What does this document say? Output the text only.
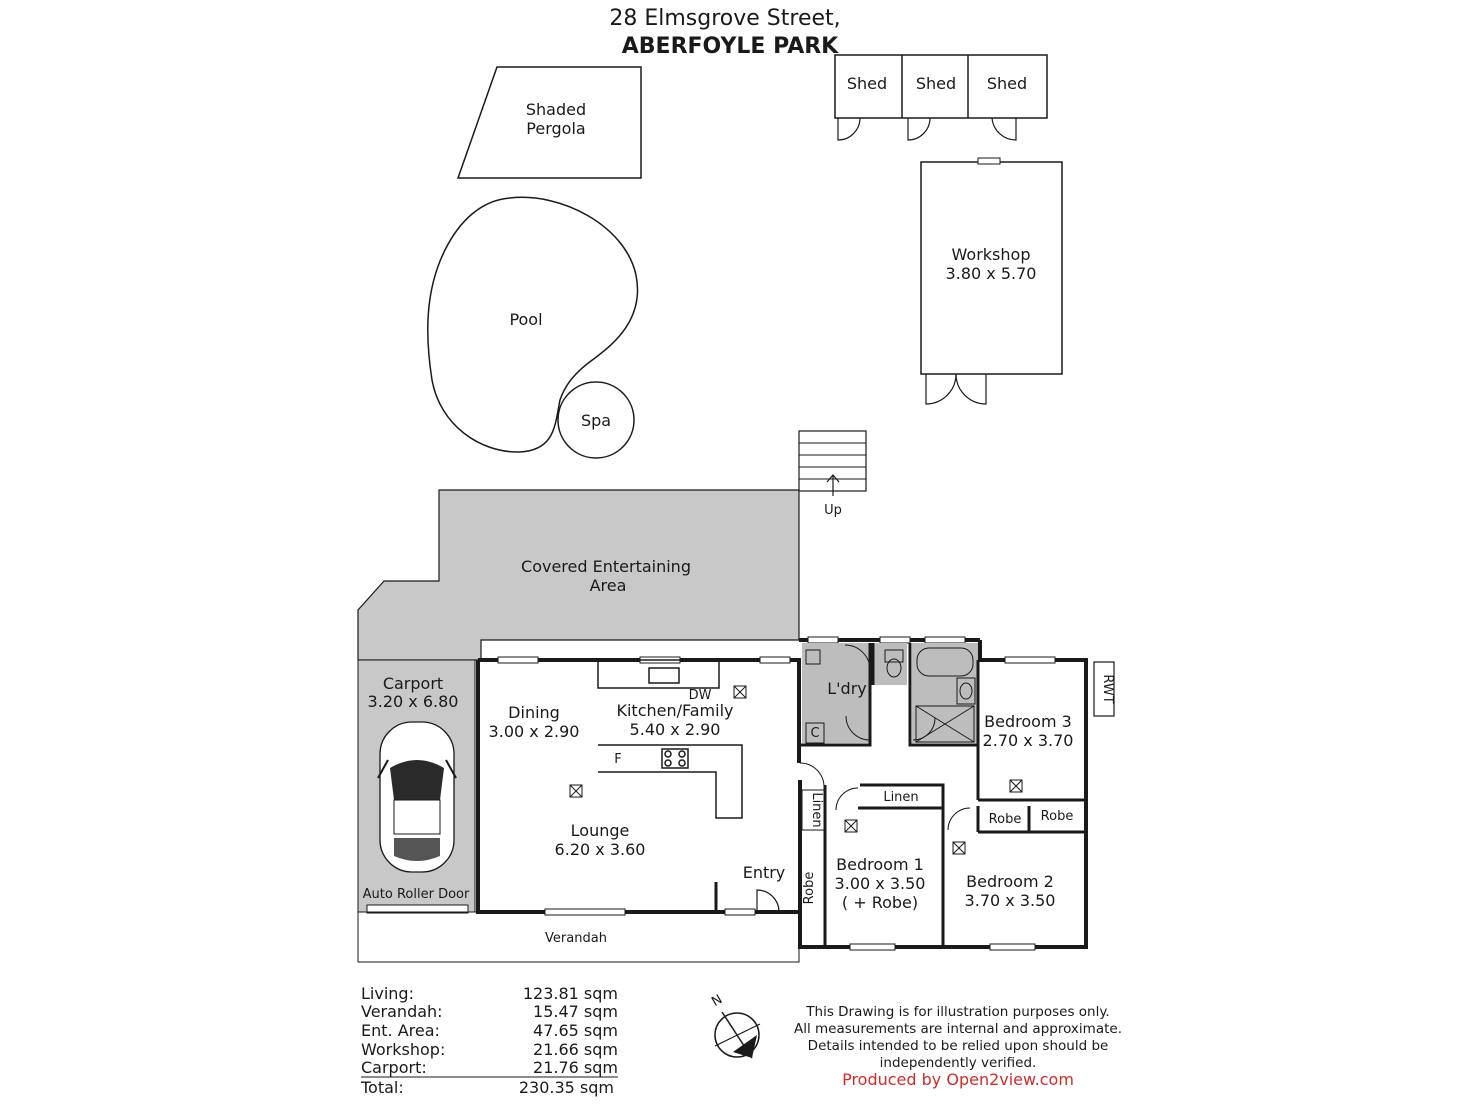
28 Elmsgrove Street,
ABERFOYLE PARK
Shaded
Pergola
Pool
Spa
Shed Shed Shed
Workshop
3.80 x 5.70
Up
Covered Entertaining
Area
Carport
3.20 x 6.80
Auto Roller Door
Verandah
DW
F
Dining
3.00 x 2.90
Kitchen/Family
5.40 x 2.90
Lounge
6.20 x 3.60
Entry
L'dry
C
Linen	Linen
Robe
Robe Robe
Bedroom 1
3.00 x 3.50
( + Robe)
Bedroom 2
3.70 x 3.50
Bedroom 3
2.70 x 3.70
RWT
Living:	123.81 sqm
Verandah:	15.47 sqm
Ent. Area:	47.65 sqm
Workshop:	21.66 sqm
Carport:	21.76 sqm
Total:	230.35 sqm
N
This Drawing is for illustration purposes only.
All measurements are internal and approximate.
Details intended to be relied upon should be
independently verified.
Produced by Open2view.com
